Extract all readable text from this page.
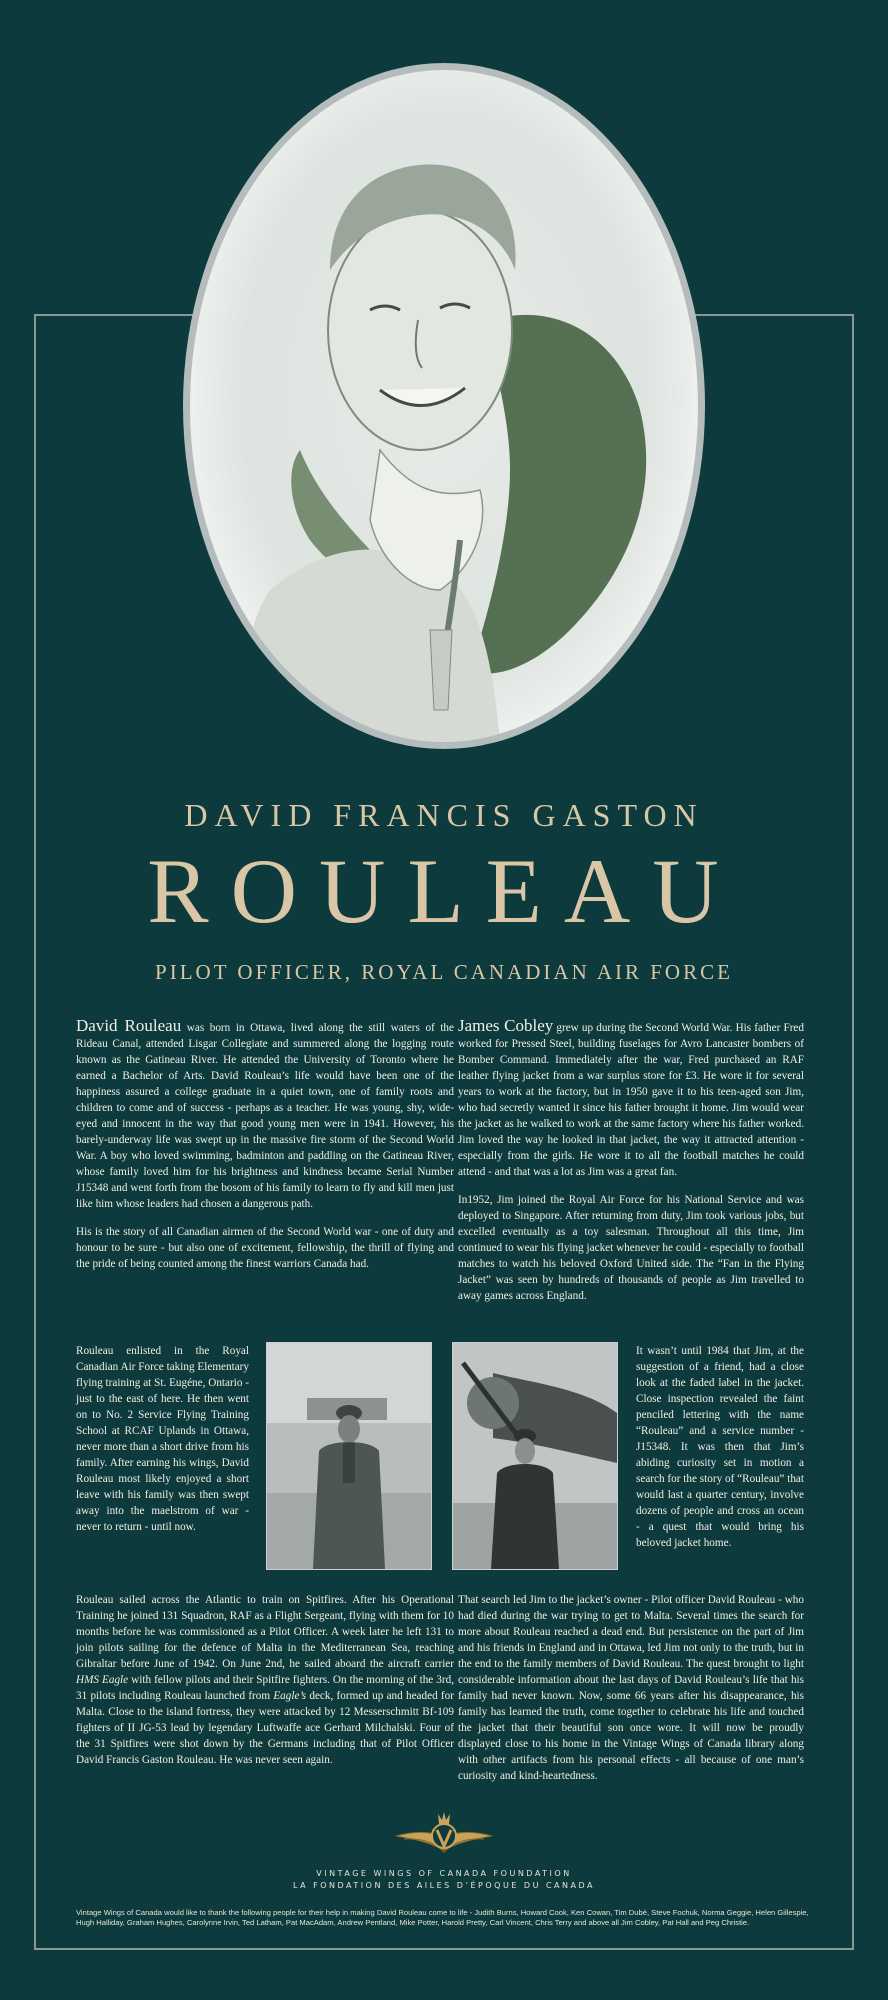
DAVID FRANCIS GASTON
ROULEAU
PILOT OFFICER, ROYAL CANADIAN AIR FORCE

David Rouleau was born in Ottawa, lived along the still waters of the Rideau Canal, attended Lisgar Collegiate and summered along the logging route known as the Gatineau River. He attended the University of Toronto where he earned a Bachelor of Arts. David Rouleau’s life would have been one of the happiness assured a college graduate in a quiet town, one of family roots and children to come and of success - perhaps as a teacher. He was young, shy, wide-eyed and innocent in the way that good young men were in 1941. However, his barely-underway life was swept up in the massive fire storm of the Second World War. A boy who loved swimming, badminton and paddling on the Gatineau River, whose family loved him for his brightness and kindness became Serial Number J15348 and went forth from the bosom of his family to learn to fly and kill men just like him whose leaders had chosen a dangerous path.

His is the story of all Canadian airmen of the Second World war - one of duty and honour to be sure - but also one of excitement, fellowship, the thrill of flying and the pride of being counted among the finest warriors Canada had.

James Cobley grew up during the Second World War. His father Fred worked for Pressed Steel, building fuselages for Avro Lancaster bombers of Bomber Command. Immediately after the war, Fred purchased an RAF leather flying jacket from a war surplus store for £3. He wore it for several years to work at the factory, but in 1950 gave it to his teen-aged son Jim, who had secretly wanted it since his father brought it home. Jim would wear the jacket as he walked to work at the same factory where his father worked. Jim loved the way he looked in that jacket, the way it attracted attention - especially from the girls. He wore it to all the football matches he could attend - and that was a lot as Jim was a great fan.

In1952, Jim joined the Royal Air Force for his National Service and was deployed to Singapore. After returning from duty, Jim took various jobs, but excelled eventually as a toy salesman. Throughout all this time, Jim continued to wear his flying jacket whenever he could - especially to football matches to watch his beloved Oxford United side. The “Fan in the Flying Jacket” was seen by hundreds of thousands of people as Jim travelled to away games across England.

Rouleau enlisted in the Royal Canadian Air Force taking Elementary flying training at St. Eugéne, Ontario - just to the east of here. He then went on to No. 2 Service Flying Training School at RCAF Uplands in Ottawa, never more than a short drive from his family. After earning his wings, David Rouleau most likely enjoyed a short leave with his family was then swept away into the maelstrom of war - never to return - until now.
It wasn’t until 1984 that Jim, at the suggestion of a friend, had a close look at the faded label in the jacket. Close inspection revealed the faint penciled lettering with the name “Rouleau” and a service number - J15348. It was then that Jim’s abiding curiosity set in motion a search for the story of “Rouleau” that would last a quarter century, involve dozens of people and cross an ocean - a quest that would bring his beloved jacket home.
Rouleau sailed across the Atlantic to train on Spitfires. After his Operational Training he joined 131 Squadron, RAF as a Flight Sergeant, flying with them for 10 months before he was commissioned as a Pilot Officer. A week later he left 131 to join pilots sailing for the defence of Malta in the Mediterranean Sea, reaching Gibraltar before June of 1942. On June 2nd, he sailed aboard the aircraft carrier HMS Eagle with fellow pilots and their Spitfire fighters. On the morning of the 3rd, 31 pilots including Rouleau launched from Eagle’s deck, formed up and headed for Malta. Close to the island fortress, they were attacked by 12 Messerschmitt Bf-109 fighters of II JG-53 lead by legendary Luftwaffe ace Gerhard Milchalski. Four of the 31 Spitfires were shot down by the Germans including that of Pilot Officer David Francis Gaston Rouleau. He was never seen again.
That search led Jim to the jacket’s owner - Pilot officer David Rouleau - who had died during the war trying to get to Malta. Several times the search for more about Rouleau reached a dead end. But persistence on the part of Jim and his friends in England and in Ottawa, led Jim not only to the truth, but in the end to the family members of David Rouleau. The quest brought to light considerable information about the last days of David Rouleau’s life that his family had never known. Now, some 66 years after his disappearance, his family has learned the truth, come together to celebrate his life and touched the jacket that their beautiful son once wore. It will now be proudly displayed close to his home in the Vintage Wings of Canada library along with other artifacts from his personal effects - all because of one man’s curiosity and kind-heartedness.
VINTAGE WINGS OF CANADA FOUNDATION
LA FONDATION DES AILES D’ÉPOQUE DU CANADA
Vintage Wings of Canada would like to thank the following people for their help in making David Rouleau come to life - Judith Burns, Howard Cook, Ken Cowan, Tim Dubé, Steve Fochuk, Norma Geggie, Helen Gillespie, Hugh Halliday, Graham Hughes, Carolynne Irvin, Ted Latham, Pat MacAdam, Andrew Pentland, Mike Potter, Harold Pretty, Carl Vincent, Chris Terry and above all Jim Cobley, Pat Hall and Peg Christie.
